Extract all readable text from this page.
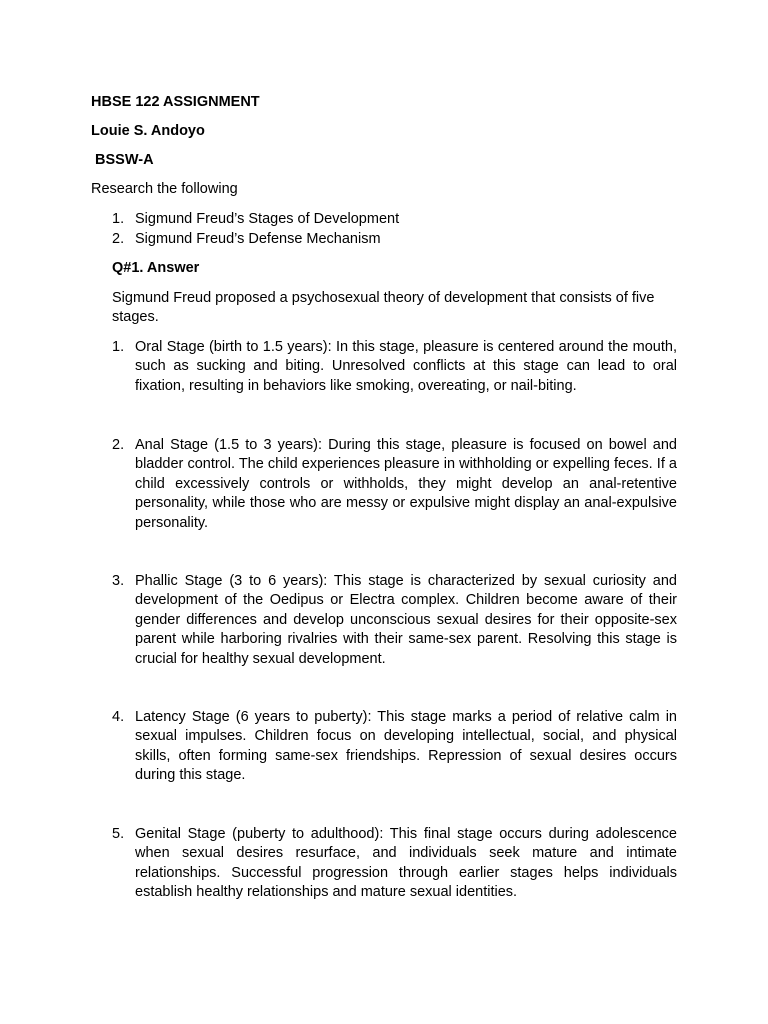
HBSE 122 ASSIGNMENT
Louie S. Andoyo
BSSW-A
Research the following
1. Sigmund Freud’s Stages of Development
2. Sigmund Freud’s Defense Mechanism
Q#1. Answer
Sigmund Freud proposed a psychosexual theory of development that consists of five stages.
1. Oral Stage (birth to 1.5 years): In this stage, pleasure is centered around the mouth, such as sucking and biting. Unresolved conflicts at this stage can lead to oral fixation, resulting in behaviors like smoking, overeating, or nail-biting.
2. Anal Stage (1.5 to 3 years): During this stage, pleasure is focused on bowel and bladder control. The child experiences pleasure in withholding or expelling feces. If a child excessively controls or withholds, they might develop an anal-retentive personality, while those who are messy or expulsive might display an anal-expulsive personality.
3. Phallic Stage (3 to 6 years): This stage is characterized by sexual curiosity and development of the Oedipus or Electra complex. Children become aware of their gender differences and develop unconscious sexual desires for their opposite-sex parent while harboring rivalries with their same-sex parent. Resolving this stage is crucial for healthy sexual development.
4. Latency Stage (6 years to puberty): This stage marks a period of relative calm in sexual impulses. Children focus on developing intellectual, social, and physical skills, often forming same-sex friendships. Repression of sexual desires occurs during this stage.
5. Genital Stage (puberty to adulthood): This final stage occurs during adolescence when sexual desires resurface, and individuals seek mature and intimate relationships. Successful progression through earlier stages helps individuals establish healthy relationships and mature sexual identities.
